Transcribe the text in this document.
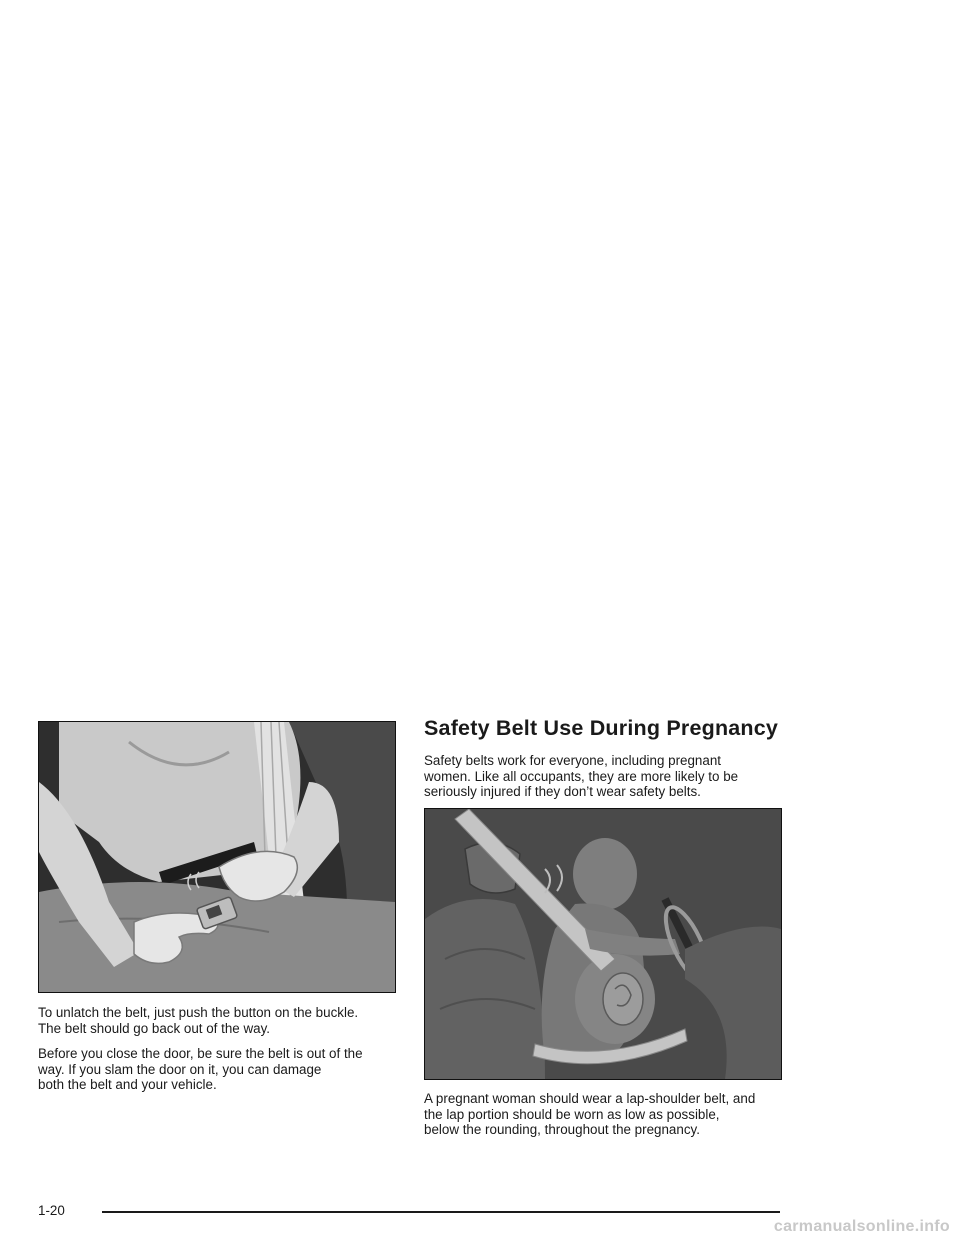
To unlatch the belt, just push the button on the buckle.
The belt should go back out of the way.

Before you close the door, be sure the belt is out of the
way. If you slam the door on it, you can damage
both the belt and your vehicle.

Safety Belt Use During Pregnancy

Safety belts work for everyone, including pregnant
women. Like all occupants, they are more likely to be
seriously injured if they don’t wear safety belts.

A pregnant woman should wear a lap-shoulder belt, and
the lap portion should be worn as low as possible,
below the rounding, throughout the pregnancy.

1-20
carmanualsonline.info
